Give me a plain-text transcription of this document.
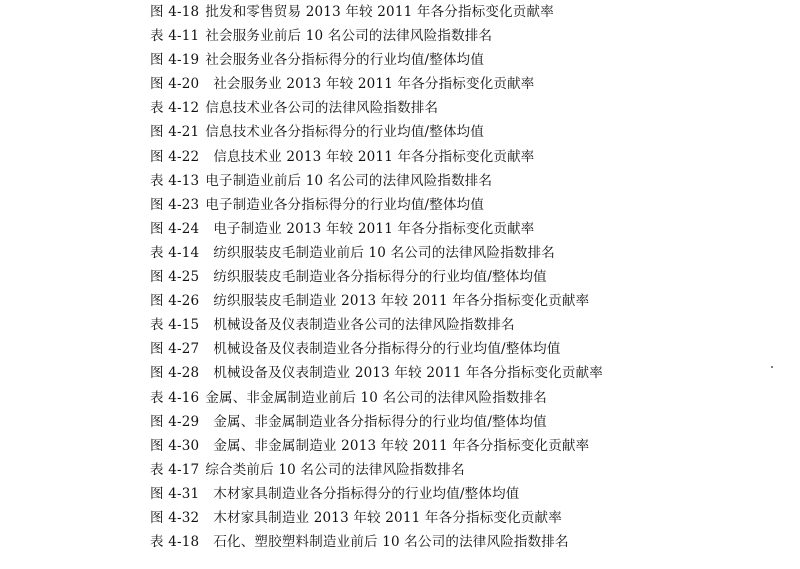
图 4-18 批发和零售贸易 2013 年较 2011 年各分指标变化贡献率
表 4-11 社会服务业前后 10 名公司的法律风险指数排名
图 4-19 社会服务业各分指标得分的行业均值/整体均值
图 4-20 社会服务业 2013 年较 2011 年各分指标变化贡献率
表 4-12 信息技术业各公司的法律风险指数排名
图 4-21 信息技术业各分指标得分的行业均值/整体均值
图 4-22 信息技术业 2013 年较 2011 年各分指标变化贡献率
表 4-13 电子制造业前后 10 名公司的法律风险指数排名
图 4-23 电子制造业各分指标得分的行业均值/整体均值
图 4-24 电子制造业 2013 年较 2011 年各分指标变化贡献率
表 4-14 纺织服装皮毛制造业前后 10 名公司的法律风险指数排名
图 4-25 纺织服装皮毛制造业各分指标得分的行业均值/整体均值
图 4-26 纺织服装皮毛制造业 2013 年较 2011 年各分指标变化贡献率
表 4-15 机械设备及仪表制造业各公司的法律风险指数排名
图 4-27 机械设备及仪表制造业各分指标得分的行业均值/整体均值
图 4-28 机械设备及仪表制造业 2013 年较 2011 年各分指标变化贡献率
表 4-16 金属、非金属制造业前后 10 名公司的法律风险指数排名
图 4-29 金属、非金属制造业各分指标得分的行业均值/整体均值
图 4-30 金属、非金属制造业 2013 年较 2011 年各分指标变化贡献率
表 4-17 综合类前后 10 名公司的法律风险指数排名
图 4-31 木材家具制造业各分指标得分的行业均值/整体均值
图 4-32 木材家具制造业 2013 年较 2011 年各分指标变化贡献率
表 4-18 石化、塑胶塑料制造业前后 10 名公司的法律风险指数排名
